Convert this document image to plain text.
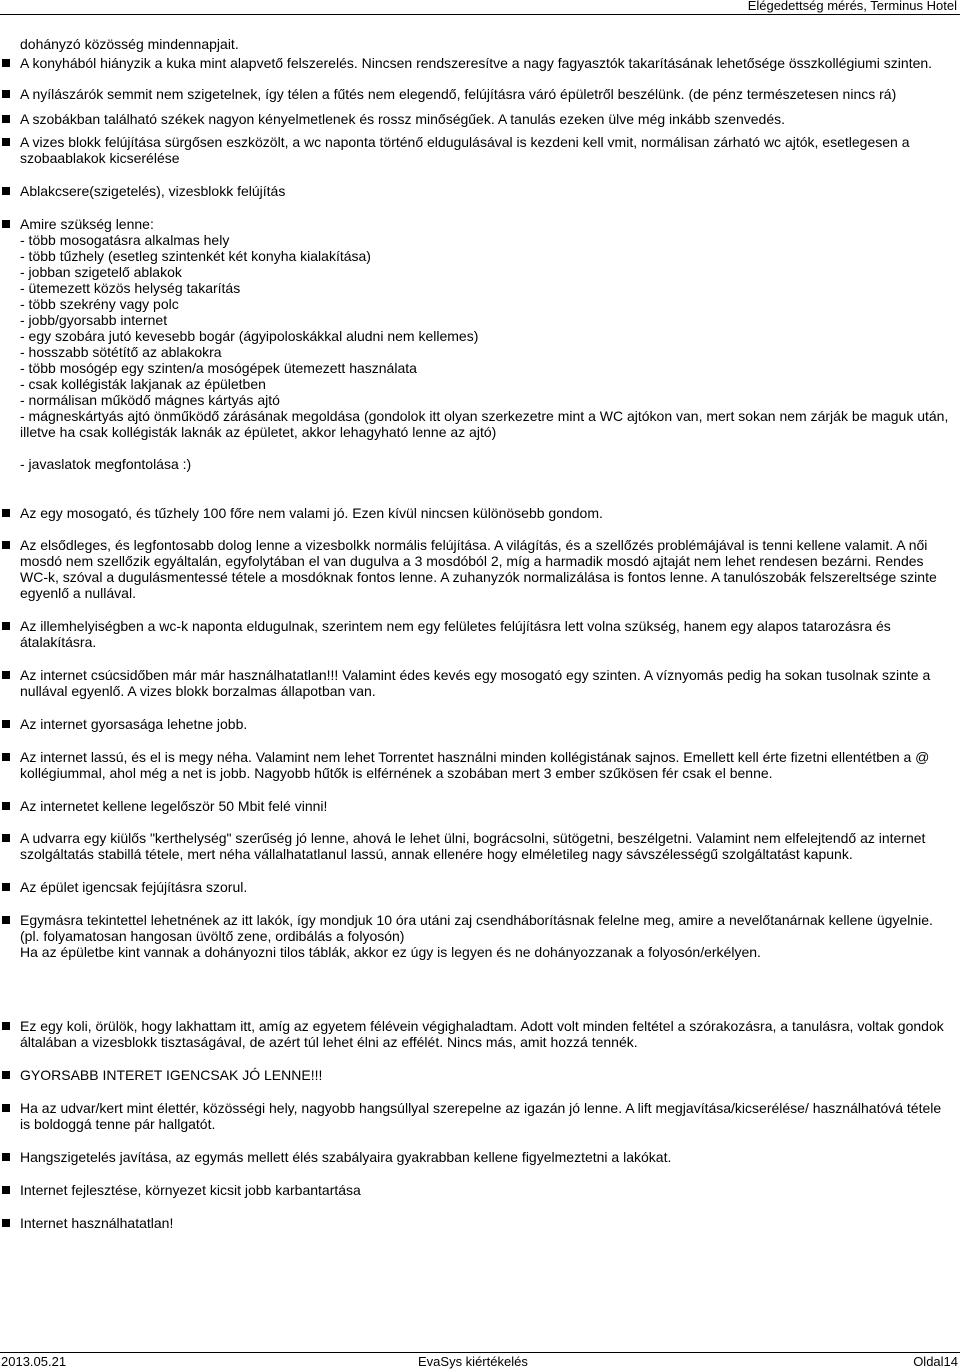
Elégedettség mérés, Terminus Hotel
dohányzó közösség mindennapjait.
A konyhából hiányzik a kuka mint alapvető felszerelés. Nincsen rendszeresítve a nagy fagyasztók takarításának lehetősége összkollégiumi szinten.
A nyílászárók semmit nem szigetelnek, így télen a fűtés nem elegendő, felújításra váró épületről beszélünk. (de pénz természetesen nincs rá)
A szobákban található székek nagyon kényelmetlenek és rossz minőségűek. A tanulás ezeken ülve még inkább szenvedés.
A vizes blokk felújítása sürgősen eszközölt, a wc naponta történő eldugulásával is kezdeni kell vmit, normálisan zárható wc ajtók, esetlegesen a szobaablakok kicserélése
Ablakcsere(szigetelés), vizesblokk felújítás
Amire szükség lenne:
- több mosogatásra alkalmas hely
- több tűzhely (esetleg szintenkét két konyha kialakítása)
- jobban szigetelő ablakok
- ütemezett közös helység takarítás
- több szekrény vagy polc
- jobb/gyorsabb internet
- egy szobára jutó kevesebb bogár (ágyipoloskákkal aludni nem kellemes)
- hosszabb sötétítő az ablakokra
- több mosógép egy szinten/a mosógépek ütemezett használata
- csak kollégisták lakjanak az épületben
- normálisan működő mágnes kártyás ajtó
- mágneskártyás ajtó önműködő zárásának megoldása (gondolok itt olyan szerkezetre mint a WC ajtókon van, mert sokan nem zárják be maguk után, illetve ha csak kollégisták laknák az épületet, akkor lehagyható lenne az ajtó)

- javaslatok megfontolása :)
Az egy mosogató, és tűzhely 100 főre nem valami jó. Ezen kívül nincsen különösebb gondom.
Az elsődleges, és legfontosabb dolog lenne a vizesbolkk normális felújítása. A világítás, és a szellőzés problémájával is tenni kellene valamit. A női mosdó nem szellőzik egyáltalán, egyfolytában el van dugulva a 3 mosdóból 2, míg a harmadik mosdó ajtaját nem lehet rendesen bezárni. Rendes WC-k, szóval a dugulásmentessé tétele a mosdóknak fontos lenne. A zuhanyzók normalizálása is fontos lenne. A tanulószobák felszereltsége szinte egyenlő a nullával.
Az illemhelyiségben a wc-k naponta eldugulnak, szerintem nem egy felületes felújításra lett volna szükség, hanem egy alapos tatarozásra és átalakításra.
Az internet csúcsidőben már már használhatatlan!!! Valamint édes kevés egy mosogató egy szinten. A víznyomás pedig ha sokan tusolnak szinte a nullával egyenlő. A vizes blokk borzalmas állapotban van.
Az internet gyorsasága lehetne jobb.
Az internet lassú, és el is megy néha. Valamint nem lehet Torrentet használni minden kollégistának sajnos. Emellett kell érte fizetni ellentétben a @ kollégiummal, ahol még a net is jobb. Nagyobb hűtők is elférnének a szobában mert 3 ember szűkösen fér csak el benne.
Az internetet kellene legelőször 50 Mbit felé vinni!
A udvarra egy kiülős "kerthelység" szerűség jó lenne, ahová le lehet ülni, bográcsolni, sütögetni, beszélgetni. Valamint nem elfelejtendő az internet szolgáltatás stabillá tétele, mert néha vállalhatatlanul lassú, annak ellenére hogy elméletileg nagy sávszélességű szolgáltatást kapunk.
Az épület igencsak fejújításra szorul.
Egymásra tekintettel lehetnének az itt lakók, így mondjuk 10 óra utáni zaj csendháborításnak felelne meg, amire a nevelőtanárnak kellene ügyelnie.(pl. folyamatosan hangosan üvöltő zene, ordibálás a folyosón)
Ha az épületbe kint vannak a dohányozni tilos táblák, akkor ez úgy is legyen és ne dohányozzanak a folyosón/erkélyen.
Ez egy koli, örülök, hogy lakhattam itt, amíg az egyetem félévein végighaladtam. Adott volt minden feltétel a szórakozásra, a tanulásra, voltak gondok általában a vizesblokk tisztaságával, de azért túl lehet élni az effélét. Nincs más, amit hozzá tennék.
GYORSABB INTERET IGENCSAK JÓ LENNE!!!
Ha az udvar/kert mint élettér, közösségi hely, nagyobb hangsúllyal szerepelne az igazán jó lenne. A lift megjavítása/kicserélése/ használhatóvá tétele is boldoggá tenne pár hallgatót.
Hangszigetelés javítása, az egymás mellett élés szabályaira gyakrabban kellene figyelmeztetni a lakókat.
Internet fejlesztése, környezet kicsit jobb karbantartása
Internet használhatatlan!
2013.05.21	EvaSys kiértékelés	Oldal14
